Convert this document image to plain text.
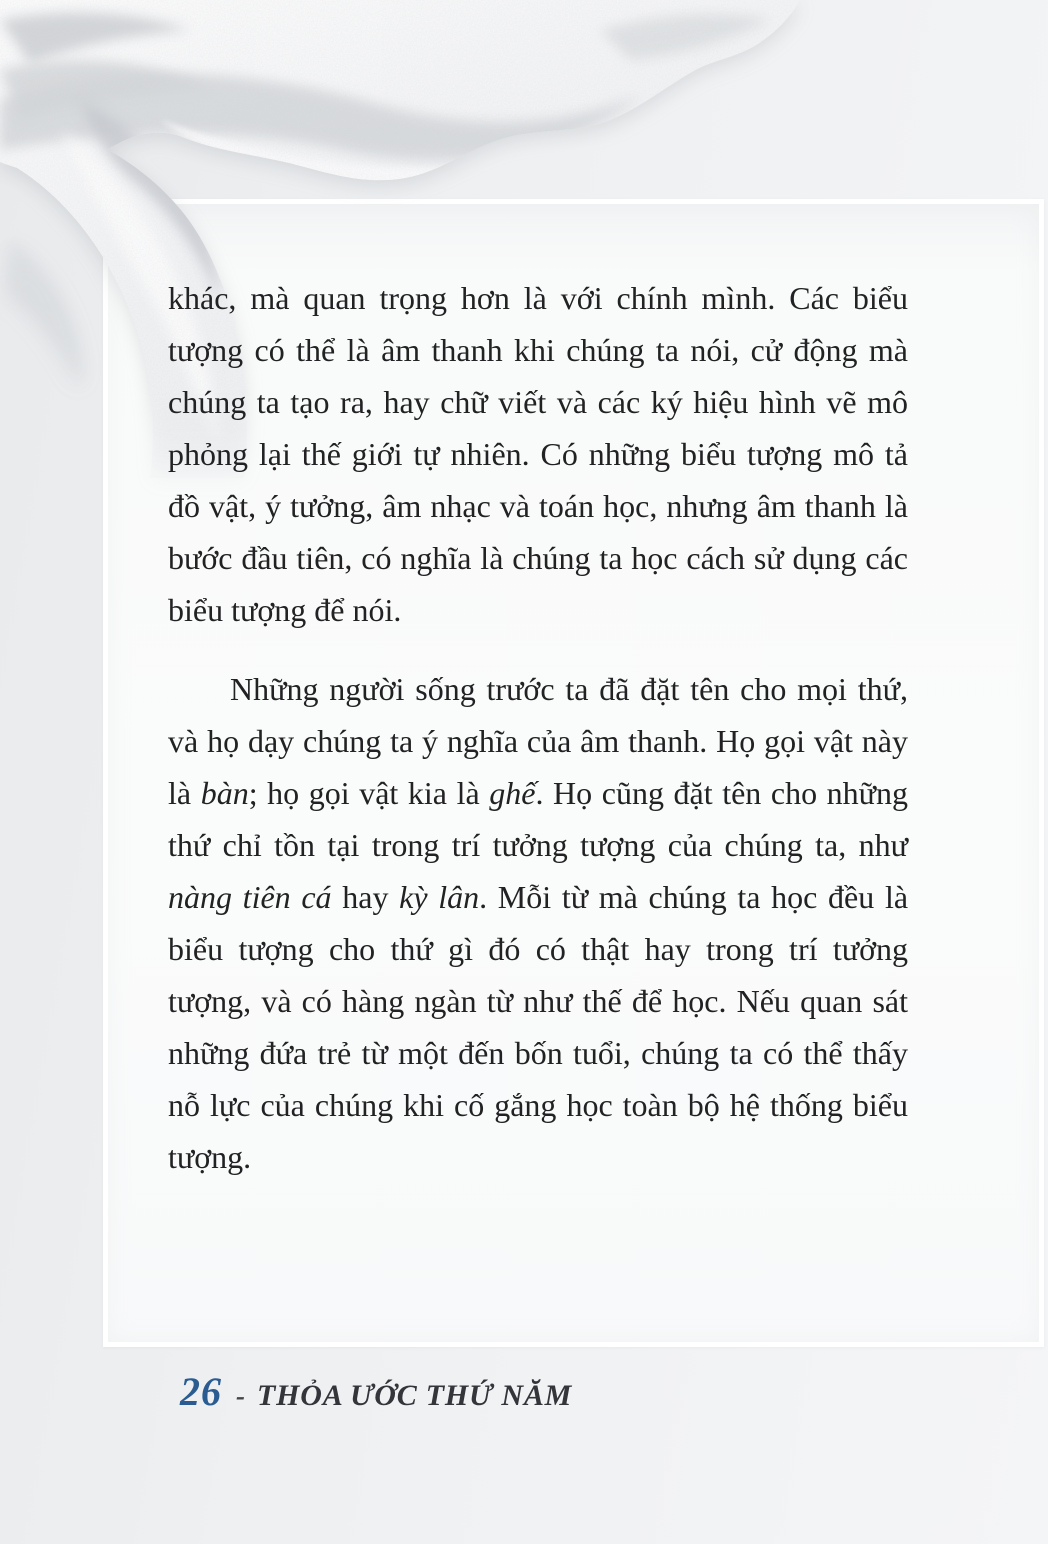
khác, mà quan trọng hơn là với chính mình. Các biểu tượng có thể là âm thanh khi chúng ta nói, cử động mà chúng ta tạo ra, hay chữ viết và các ký hiệu hình vẽ mô phỏng lại thế giới tự nhiên. Có những biểu tượng mô tả đồ vật, ý tưởng, âm nhạc và toán học, nhưng âm thanh là bước đầu tiên, có nghĩa là chúng ta học cách sử dụng các biểu tượng để nói.

Những người sống trước ta đã đặt tên cho mọi thứ, và họ dạy chúng ta ý nghĩa của âm thanh. Họ gọi vật này là bàn; họ gọi vật kia là ghế. Họ cũng đặt tên cho những thứ chỉ tồn tại trong trí tưởng tượng của chúng ta, như nàng tiên cá hay kỳ lân. Mỗi từ mà chúng ta học đều là biểu tượng cho thứ gì đó có thật hay trong trí tưởng tượng, và có hàng ngàn từ như thế để học. Nếu quan sát những đứa trẻ từ một đến bốn tuổi, chúng ta có thể thấy nỗ lực của chúng khi cố gắng học toàn bộ hệ thống biểu tượng.

26 - THỎA ƯỚC THỨ NĂM
